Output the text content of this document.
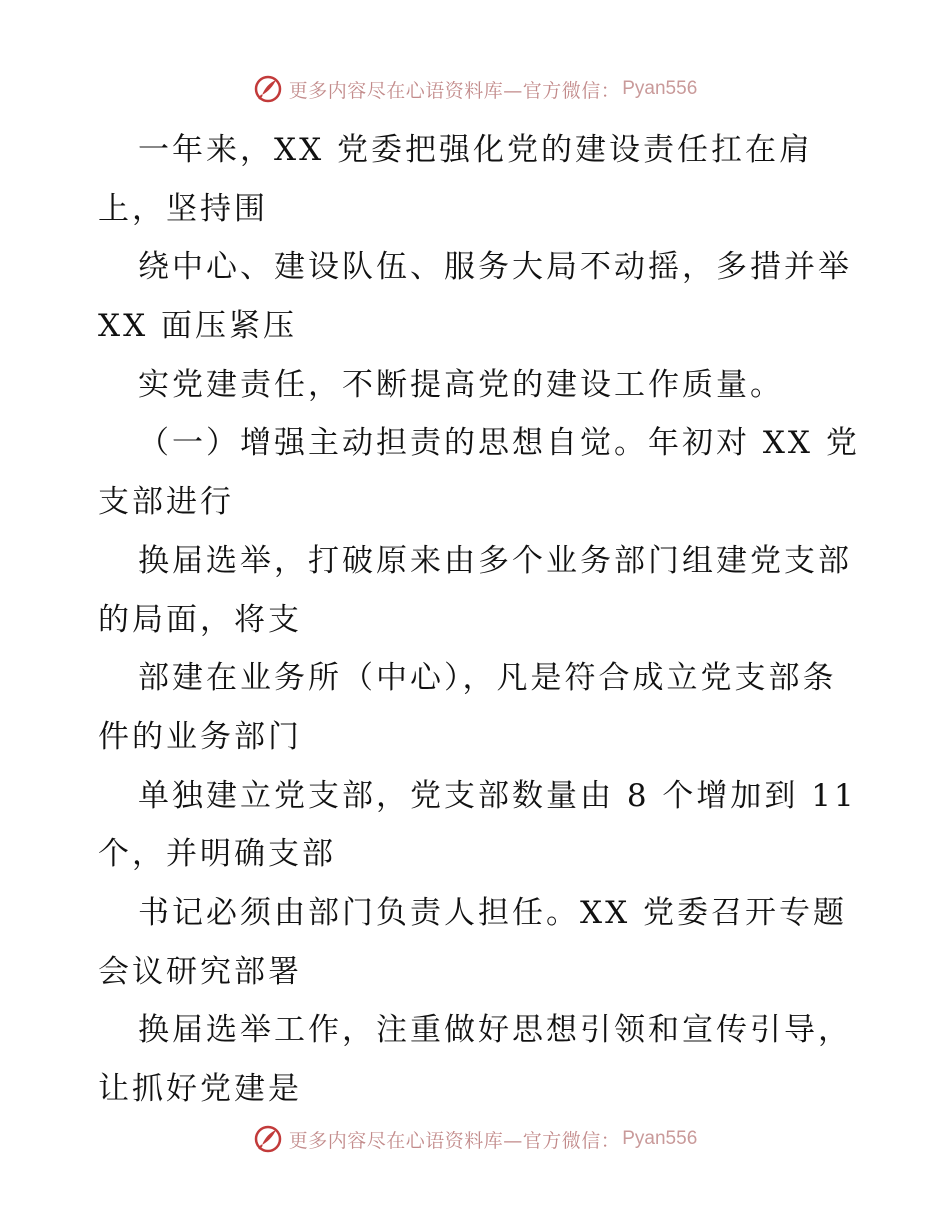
更多内容尽在心语资料库—官方微信： Pyan556
一年来，XX 党委把强化党的建设责任扛在肩
上，坚持围
绕中心、建设队伍、服务大局不动摇，多措并举
XX 面压紧压
实党建责任，不断提高党的建设工作质量。
（一）增强主动担责的思想自觉。年初对 XX 党
支部进行
换届选举，打破原来由多个业务部门组建党支部
的局面，将支
部建在业务所（中心），凡是符合成立党支部条
件的业务部门
单独建立党支部，党支部数量由 8 个增加到 11
个，并明确支部
书记必须由部门负责人担任。XX 党委召开专题
会议研究部署
换届选举工作，注重做好思想引领和宣传引导，
让抓好党建是
更多内容尽在心语资料库—官方微信： Pyan556
